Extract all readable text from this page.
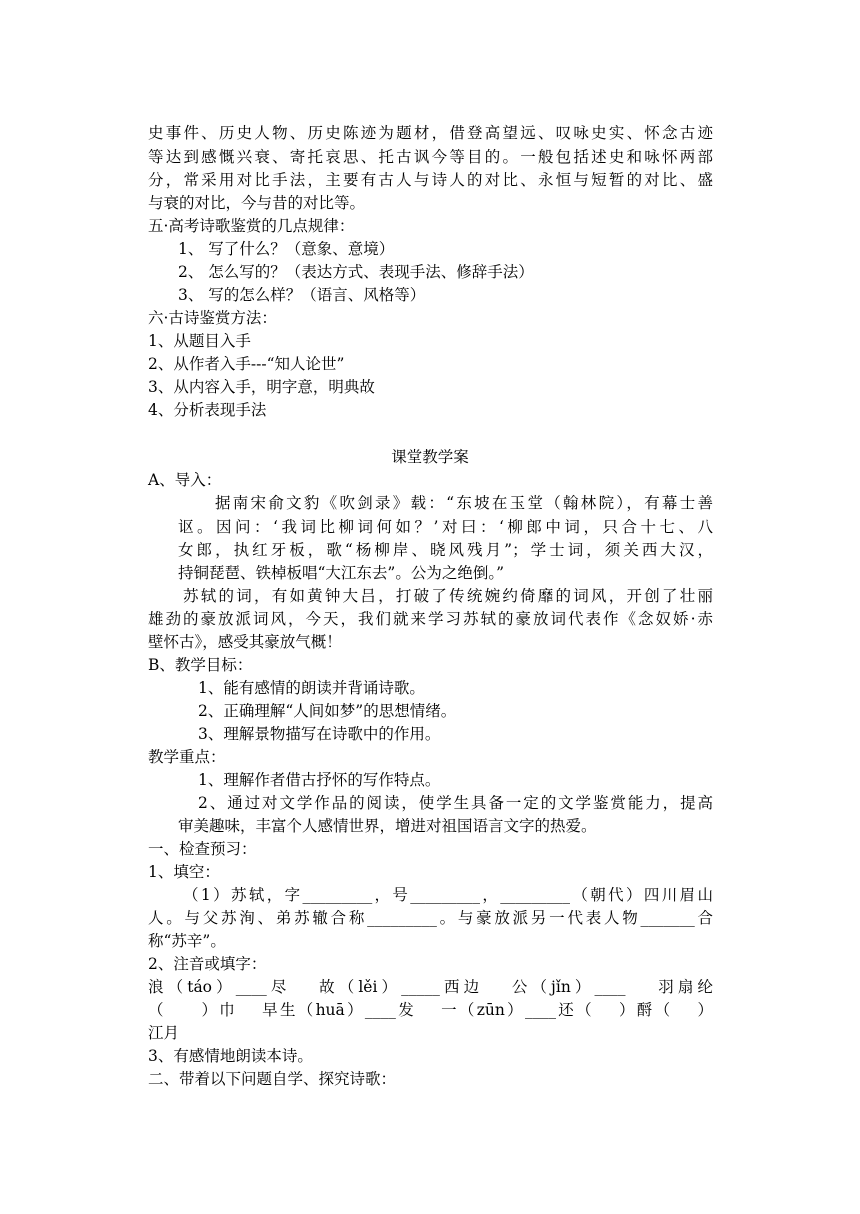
史事件、历史人物、历史陈迹为题材，借登高望远、叹咏史实、怀念古迹
等达到感慨兴衰、寄托哀思、托古讽今等目的。一般包括述史和咏怀两部
分，常采用对比手法，主要有古人与诗人的对比、永恒与短暂的对比、盛
与衰的对比，今与昔的对比等。
五·高考诗歌鉴赏的几点规律：
1、 写了什么？（意象、意境）
2、 怎么写的？（表达方式、表现手法、修辞手法）
3、 写的怎么样？（语言、风格等）
六·古诗鉴赏方法：
1、从题目入手
2、从作者入手---“知人论世”
3、从内容入手，明字意，明典故
4、分析表现手法
课堂教学案
A、导入：
据南宋俞文豹《吹剑录》载：“东坡在玉堂（翰林院），有幕士善
讴。因问：‘我词比柳词何如？’对曰：‘柳郎中词，只合十七、八
女郎，执红牙板，歌“杨柳岸、晓风残月”；学士词，须关西大汉，
持铜琵琶、铁棹板唱“大江东去”。公为之绝倒。”
苏轼的词，有如黄钟大吕，打破了传统婉约倚靡的词风，开创了壮丽
雄劲的豪放派词风，今天，我们就来学习苏轼的豪放词代表作《念奴娇·赤
壁怀古》，感受其豪放气概！
B、教学目标：
1、能有感情的朗读并背诵诗歌。
2、正确理解“人间如梦”的思想情绪。
3、理解景物描写在诗歌中的作用。
教学重点：
1、理解作者借古抒怀的写作特点。
2、通过对文学作品的阅读，使学生具备一定的文学鉴赏能力，提高
审美趣味，丰富个人感情世界，增进对祖国语言文字的热爱。
一、检查预习：
1、填空：
（1）苏轼，字_________，号_________，_________（朝代）四川眉山
人。与父苏洵、弟苏辙合称_________。与豪放派另一代表人物_______合
称“苏辛”。
2、注音或填字：
浪（táo）____尽　 故（lěi）_____西边　 公（jǐn）____　 羽扇纶
（　　）巾　 早生（huā）____发　 一（zūn）____还（　 ）酹（　 ）
江月
3、有感情地朗读本诗。
二、带着以下问题自学、探究诗歌：
